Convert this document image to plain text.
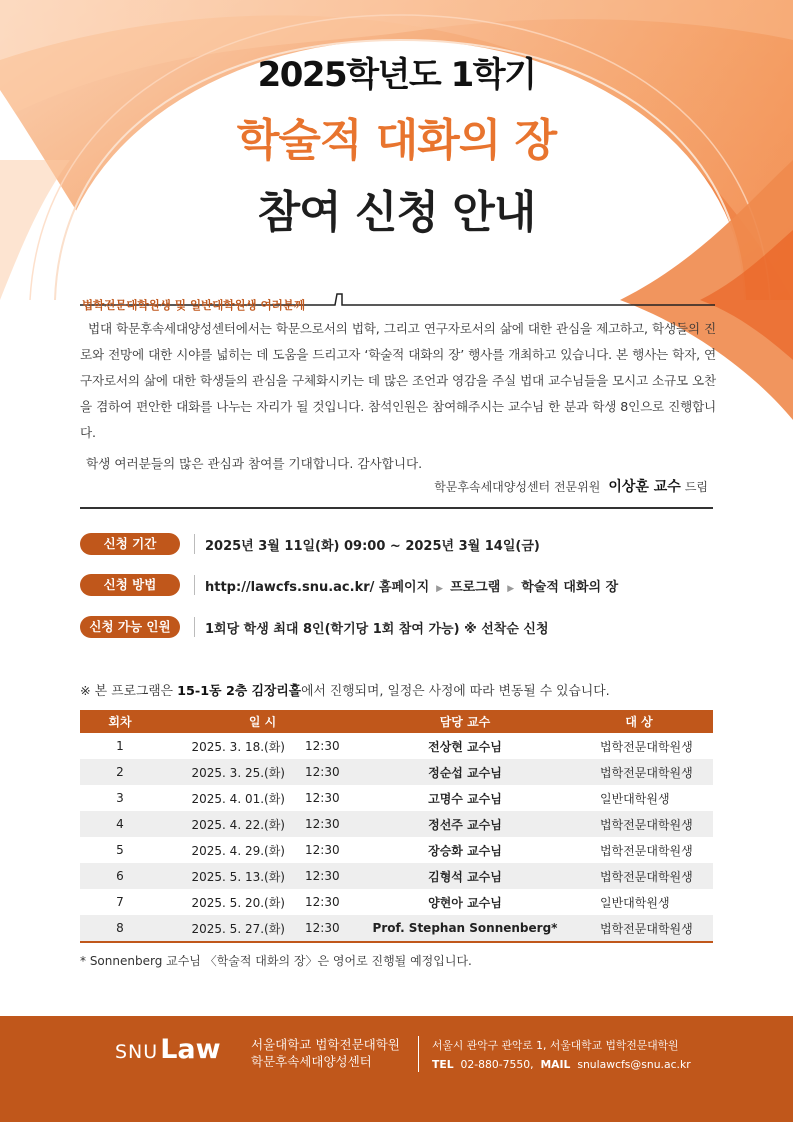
2025학년도 1학기
학술적 대화의 장
참여 신청 안내
법학전문대학원생 및 일반대학원생 여러분께
법대 학문후속세대양성센터에서는 학문으로서의 법학, 그리고 연구자로서의 삶에 대한 관심을 제고하고, 학생들의 진로와 전망에 대한 시야를 넓히는 데 도움을 드리고자 ‘학술적 대화의 장’ 행사를 개최하고 있습니다. 본 행사는 학자, 연구자로서의 삶에 대한 학생들의 관심을 구체화시키는 데 많은 조언과 영감을 주실 법대 교수님들을 모시고 소규모 오찬을 겸하여 편안한 대화를 나누는 자리가 될 것입니다. 참석인원은 참여해주시는 교수님 한 분과 학생 8인으로 진행합니다.
학생 여러분들의 많은 관심과 참여를 기대합니다. 감사합니다.
학문후속세대양성센터 전문위원 이상훈 교수 드림
신청 기간	2025년 3월 11일(화) 09:00 ~ 2025년 3월 14일(금)
신청 방법	http://lawcfs.snu.ac.kr/ 홈페이지 ▶ 프로그램 ▶ 학술적 대화의 장
신청 가능 인원	1회당 학생 최대 8인(학기당 1회 참여 가능) ※ 선착순 신청
※ 본 프로그램은 15-1동 2층 김장리홀에서 진행되며, 일정은 사정에 따라 변동될 수 있습니다.
회차	일 시		담당 교수	대 상
1	2025. 3. 18.(화)	12:30	전상현 교수님	법학전문대학원생
2	2025. 3. 25.(화)	12:30	정순섭 교수님	법학전문대학원생
3	2025. 4. 01.(화)	12:30	고명수 교수님	일반대학원생
4	2025. 4. 22.(화)	12:30	정선주 교수님	법학전문대학원생
5	2025. 4. 29.(화)	12:30	장승화 교수님	법학전문대학원생
6	2025. 5. 13.(화)	12:30	김형석 교수님	법학전문대학원생
7	2025. 5. 20.(화)	12:30	양현아 교수님	일반대학원생
8	2025. 5. 27.(화)	12:30	Prof. Stephan Sonnenberg*	법학전문대학원생
* Sonnenberg 교수님 〈학술적 대화의 장〉은 영어로 진행될 예정입니다.
SNULaw 서울대학교 법학전문대학원
학문후속세대양성센터
서울시 관악구 관악로 1, 서울대학교 법학전문대학원
TEL 02-880-7550, MAIL snulawcfs@snu.ac.kr
